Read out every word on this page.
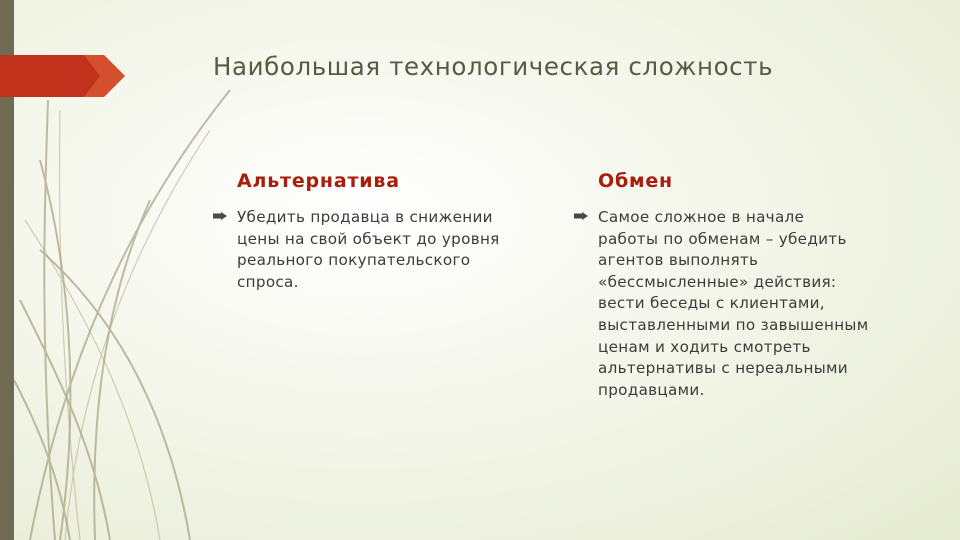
Наибольшая технологическая сложность
Альтернатива
Убедить продавца в снижении
цены на свой объект до уровня
реального покупательского
спроса.
Обмен
Самое сложное в начале
работы по обменам – убедить
агентов выполнять
«бессмысленные» действия:
вести беседы с клиентами,
выставленными по завышенным
ценам и ходить смотреть
альтернативы с нереальными
продавцами.
